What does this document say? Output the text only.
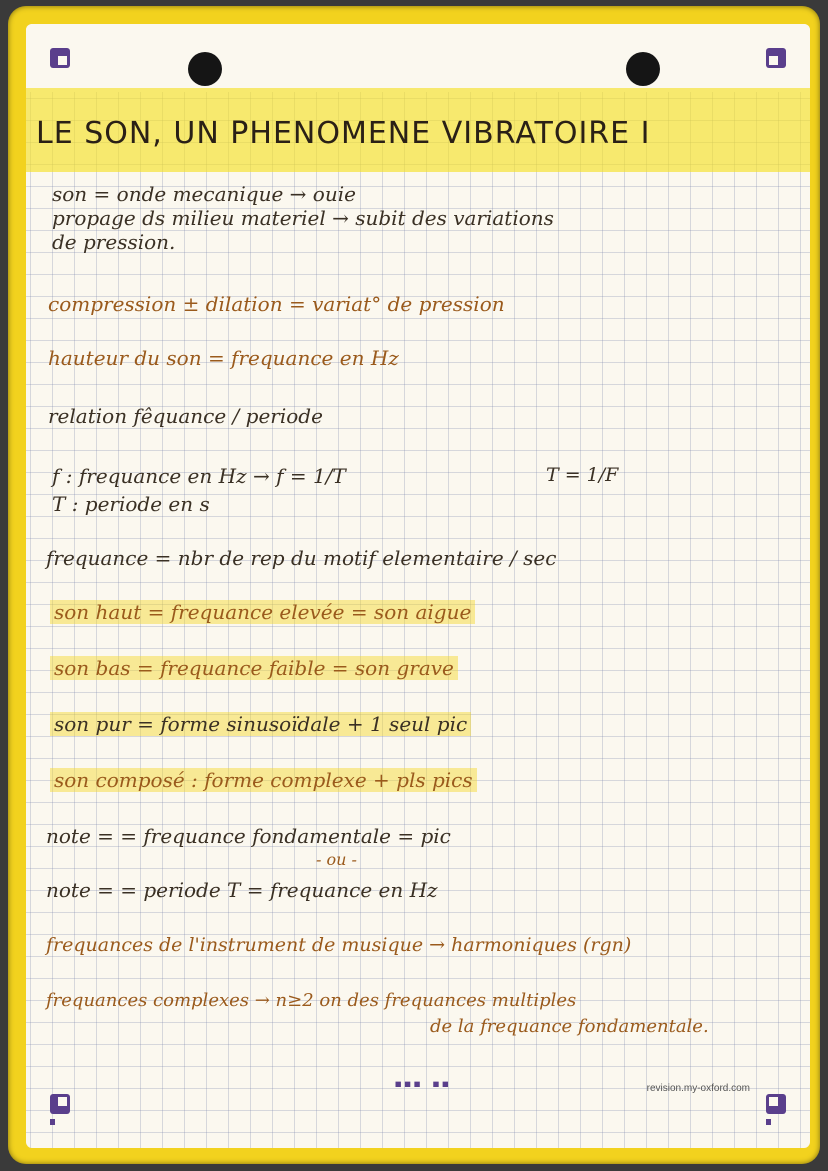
LE SON, UN PHENOMENE VIBRATOIRE I
son = onde mecanique → ouie
propage ds milieu materiel → subit des variations
de pression.
compression ± dilation = variat° de pression
hauteur du son = frequance en Hz
relation fêquance / periode
f : frequance en Hz → f = 1/T
T : periode en s
T = 1/F
frequance = nbr de rep du motif elementaire / sec
son haut = frequance elevée = son aigue
son bas = frequance faible = son grave
son pur = forme sinusoïdale + 1 seul pic
son composé : forme complexe + pls pics
note = = frequance fondamentale = pic
- ou -
note = = periode T = frequance en Hz
frequances de l'instrument de musique → harmoniques (rgn)
frequances complexes → n≥2 on des frequances multiples
de la frequance fondamentale.
▪▪▪ ▪▪	revision.my-oxford.com
